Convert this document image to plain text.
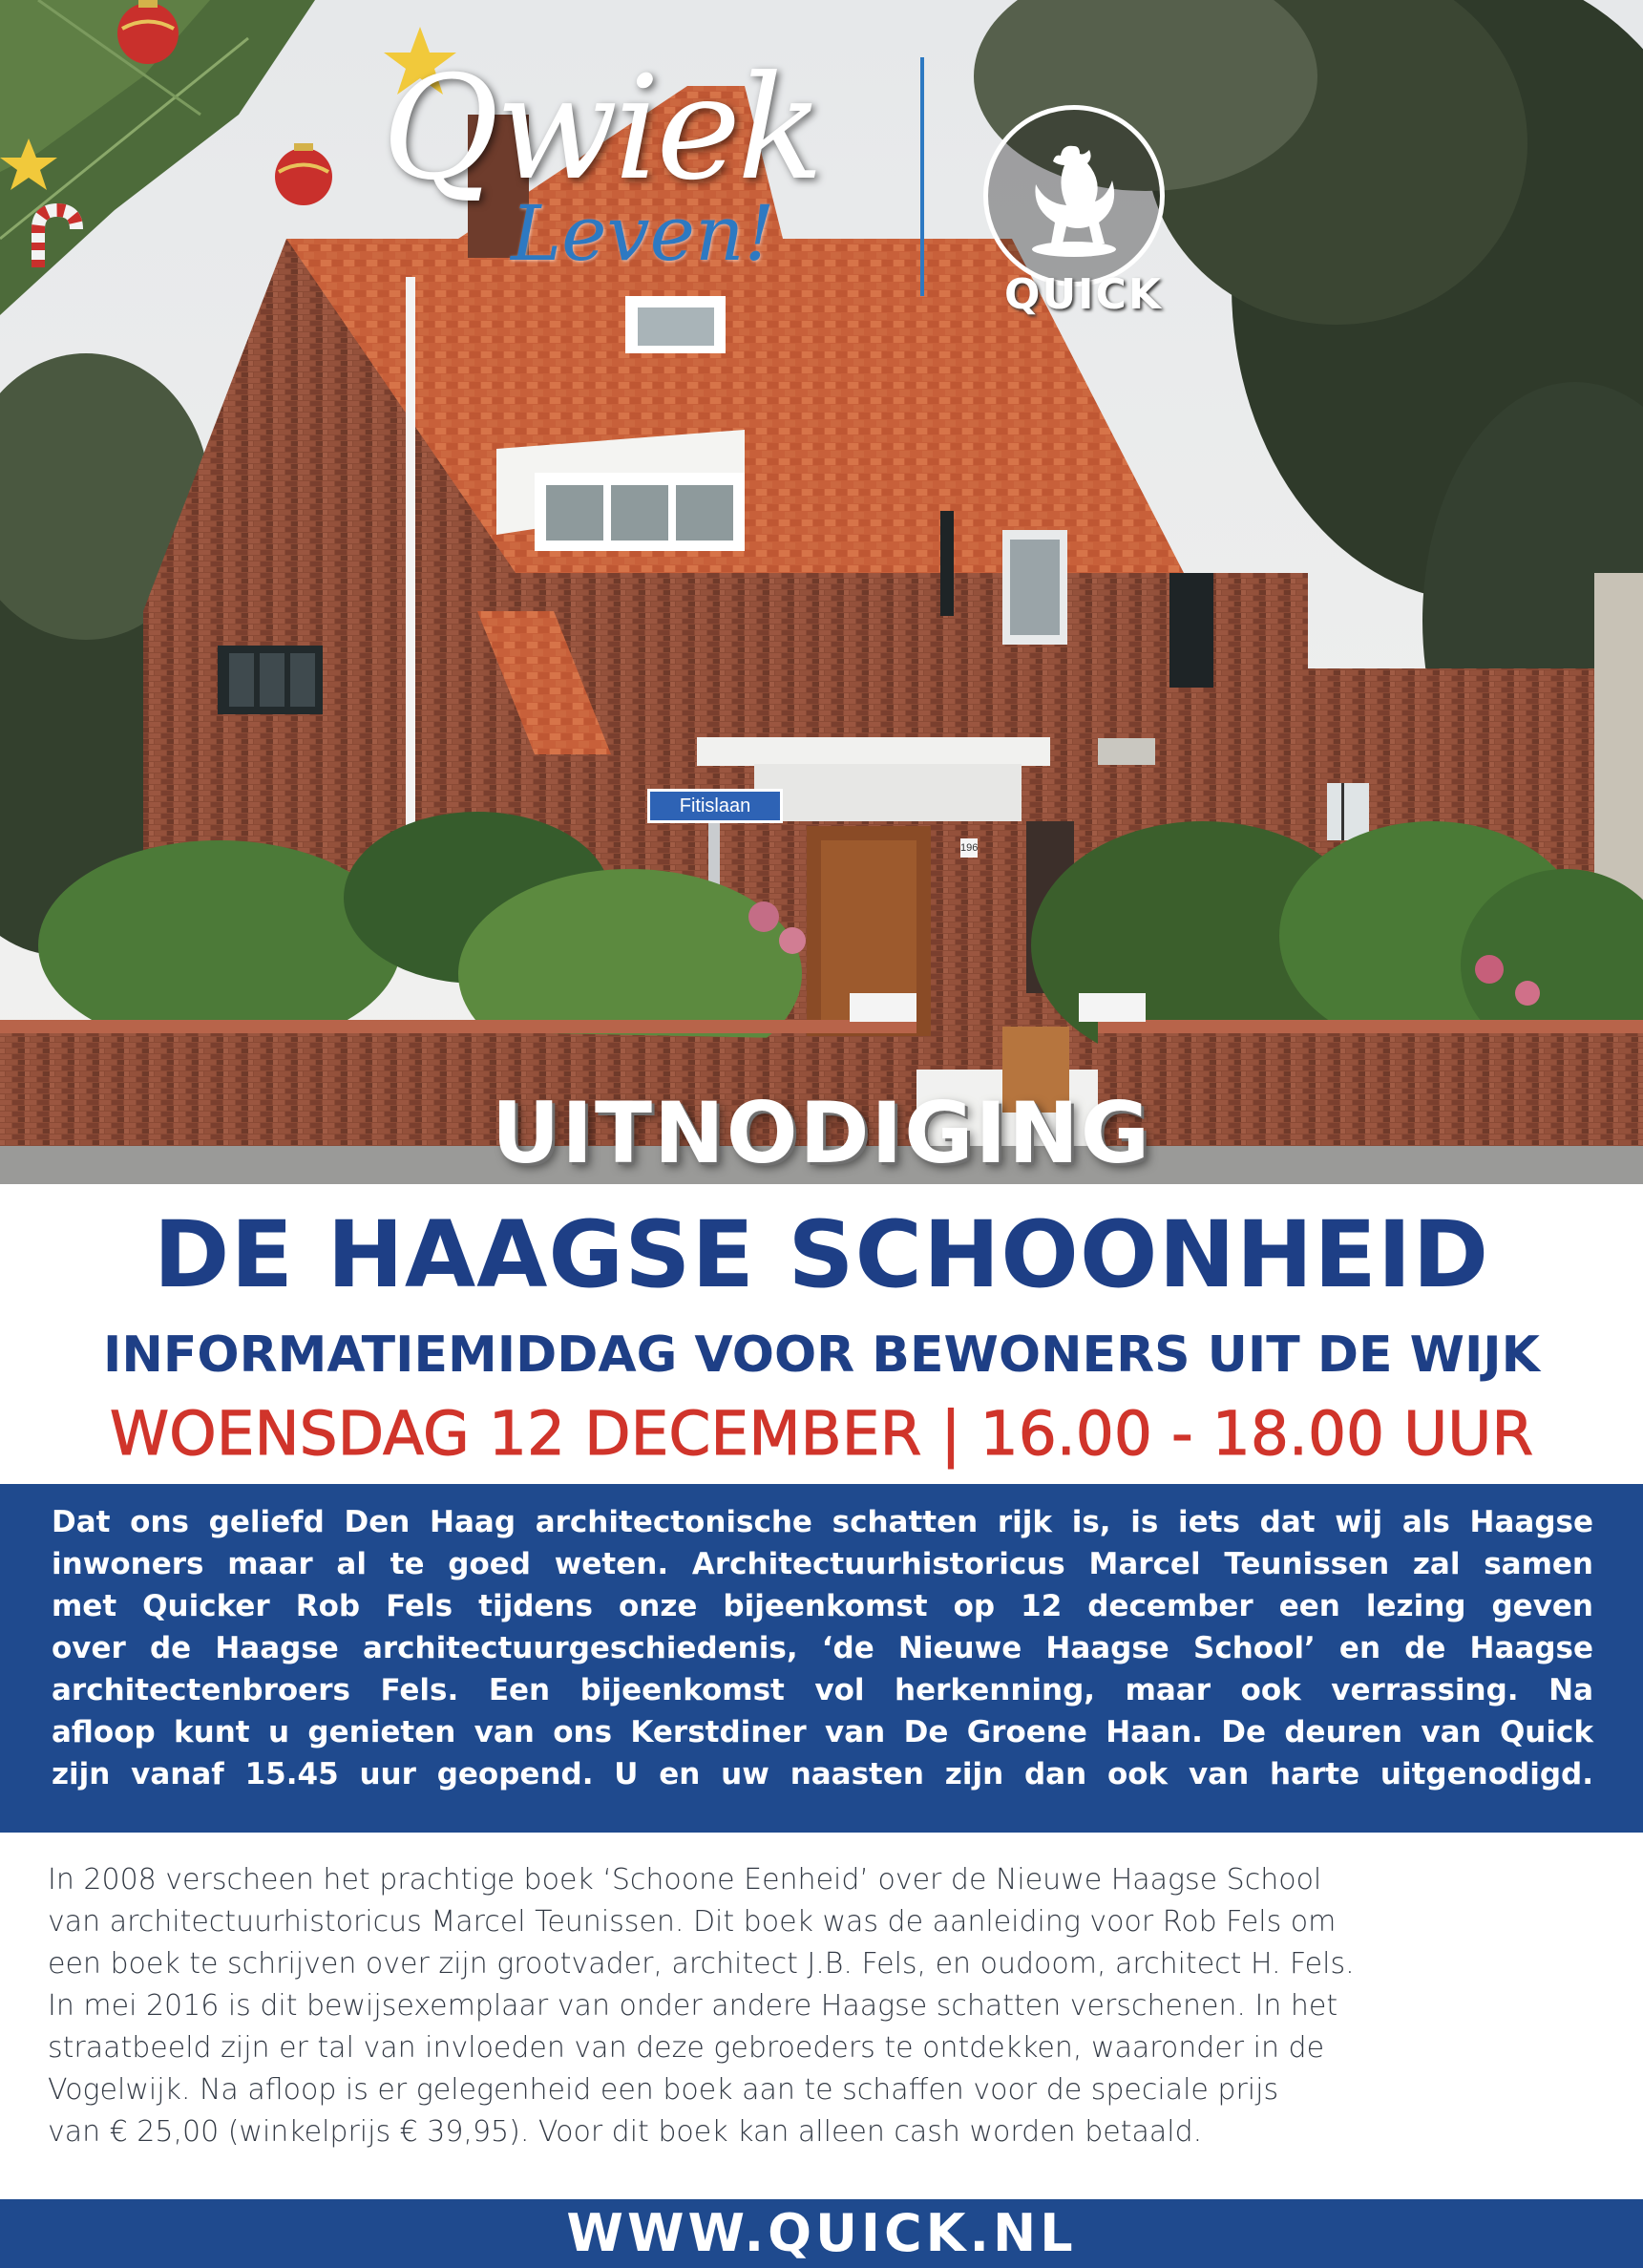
Qwiek
Leven!
QUICK
Fitislaan
196
UITNODIGING
DE HAAGSE SCHOONHEID
INFORMATIEMIDDAG VOOR BEWONERS UIT DE WIJK
WOENSDAG 12 DECEMBER | 16.00 - 18.00 UUR
Dat ons geliefd Den Haag architectonische schatten rijk is, is iets dat wij als Haagse
inwoners maar al te goed weten. Architectuurhistoricus Marcel Teunissen zal samen
met Quicker Rob Fels tijdens onze bijeenkomst op 12 december een lezing geven
over de Haagse architectuurgeschiedenis, ‘de Nieuwe Haagse School’ en de Haagse
architectenbroers Fels. Een bijeenkomst vol herkenning, maar ook verrassing. Na
afloop kunt u genieten van ons Kerstdiner van De Groene Haan. De deuren van Quick
zijn vanaf 15.45 uur geopend. U en uw naasten zijn dan ook van harte uitgenodigd.
In 2008 verscheen het prachtige boek ‘Schoone Eenheid’ over de Nieuwe Haagse School
van architectuurhistoricus Marcel Teunissen. Dit boek was de aanleiding voor Rob Fels om
een boek te schrijven over zijn grootvader, architect J.B. Fels, en oudoom, architect H. Fels.
In mei 2016 is dit bewijsexemplaar van onder andere Haagse schatten verschenen. In het
straatbeeld zijn er tal van invloeden van deze gebroeders te ontdekken, waaronder in de
Vogelwijk. Na afloop is er gelegenheid een boek aan te schaffen voor de speciale prijs
van € 25,00 (winkelprijs € 39,95). Voor dit boek kan alleen cash worden betaald.
WWW.QUICK.NL
